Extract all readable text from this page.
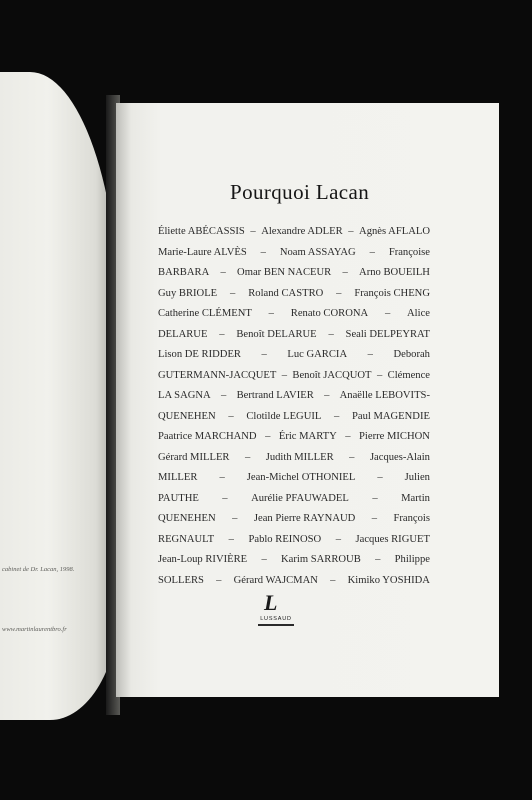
cabinet de Dr. Lacan, 1998.
www.martinlaurentbro.fr
Pourquoi Lacan
Éliette ABÉCASSIS – Alexandre ADLER – Agnès AFLALO
Marie-Laure ALVÈS – Noam ASSAYAG – Françoise
BARBARA – Omar BEN NACEUR – Arno BOUEILH
Guy BRIOLE – Roland CASTRO – François CHENG
Catherine CLÉMENT – Renato CORONA – Alice
DELARUE – Benoît DELARUE – Seali DELPEYRAT
Lison DE RIDDER – Luc GARCIA – Deborah
GUTERMANN-JACQUET – Benoît JACQUOT – Clémence
LA SAGNA – Bertrand LAVIER – Anaëlle LEBOVITS-
QUENEHEN – Clotilde LEGUIL – Paul MAGENDIE
Paatrice MARCHAND – Éric MARTY – Pierre MICHON
Gérard MILLER – Judith MILLER – Jacques-Alain
MILLER – Jean-Michel OTHONIEL – Julien
PAUTHE – Aurélie PFAUWADEL – Martin
QUENEHEN – Jean Pierre RAYNAUD – François
REGNAULT – Pablo REINOSO – Jacques RIGUET
Jean-Loup RIVIÈRE – Karim SARROUB – Philippe
SOLLERS – Gérard WAJCMAN – Kimiko YOSHIDA
L
LUSSAUD
